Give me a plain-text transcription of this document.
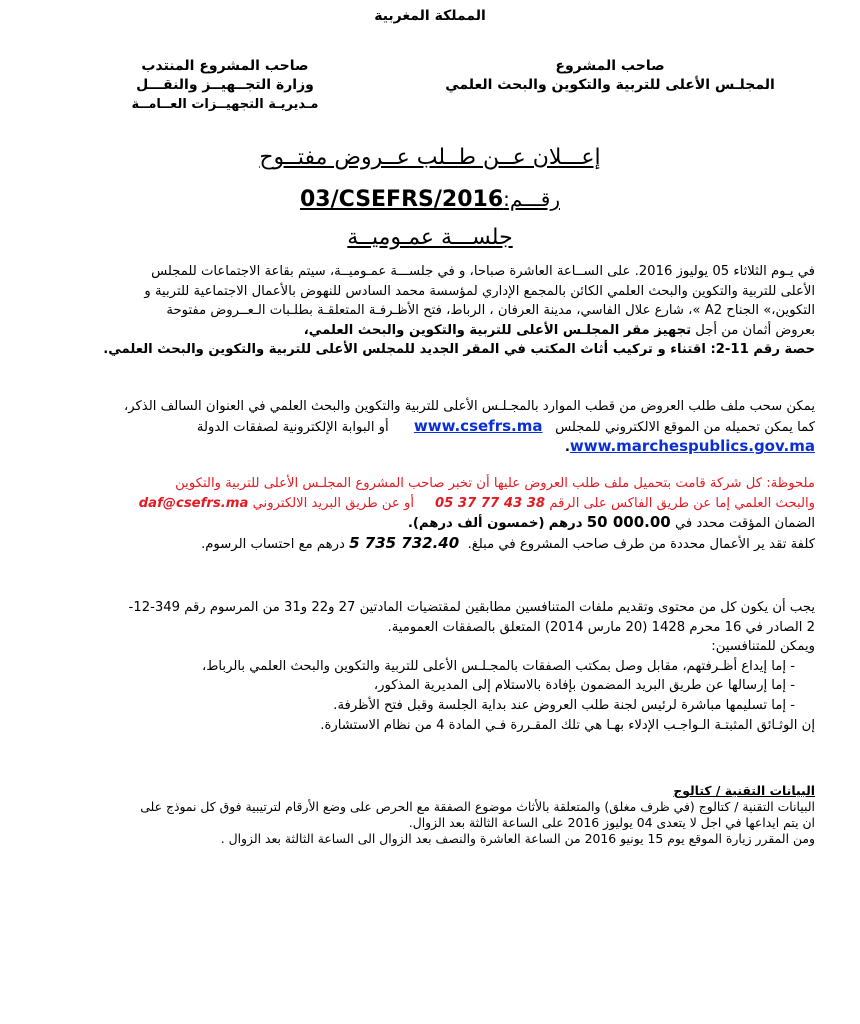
المملكة المغربية
صاحب المشروع
المجلـس الأعلى للتربية والتكوين والبحث العلمي
صاحب المشروع المنتدب
وزارة التجــهيــز والنقـــل
مـديريـة التجهيــزات العــامــة
إعـــلان عــن طــلب عــروض مفتــوح
رقـــم:03/CSEFRS/2016
جلســـة عمـوميــة
في يـوم الثلاثاء 05 يوليوز 2016. على الســاعة العاشرة صباحا، و في جلســـة عمـوميــة، سيتم بقاعة الاجتماعات للمجلس
الأعلى للتربية والتكوين والبحث العلمي الكائن بالمجمع الإداري لمؤسسة محمد السادس للنهوض بالأعمال الاجتماعية للتربية و
التكوين،» الجناح A2 »، شارع علال الفاسي، مدينة العرفان ، الرباط، فتح الأظـرفـة المتعلقـة بطلـبات الـعــروض مفتوحة
بعروض أثمان من أجل تجهيز مقر المجلـس الأعلى للتربية والتكوين والبحث العلمي،
حصة رقم 11-2: اقتناء و تركيب أثاث المكتب في المقر الجديد للمجلس الأعلى للتربية والتكوين والبحث العلمي.
يمكن سحب ملف طلب العروض من قطب الموارد بالمجـلـس الأعلى للتربية والتكوين والبحث العلمي في العنوان السالف الذكر،
كما يمكن تحميله من الموقع الالكتروني للمجلس   www.csefrs.ma      أو البوابة الإلكترونية لصفقات الدولة
www.marchespublics.gov.ma.
ملحوظة: كل شركة قامت بتحميل ملف طلب العروض عليها أن تخبر صاحب المشروع المجلـس الأعلى للتربية والتكوين
والبحث العلمي إما عن طريق الفاكس على الرقم 05 37 77 43 38     أو عن طريق البريد الالكتروني daf@csefrs.ma
الضمان المؤقت محدد في 50 000.00 درهم (خمسون ألف درهم).
كلفة تقد ير الأعمال محددة من طرف صاحب المشروع في مبلغ.  5 735 732.40 درهم مع احتساب الرسوم.
يجب أن يكون كل من محتوى وتقديم ملفات المتنافسين مطابقين لمقتضيات المادتين 27 و22 و31 من المرسوم رقم 349-12-
2 الصادر في 16 محرم 1428 (20 مارس 2014) المتعلق بالصفقات العمومية.
ويمكن للمتنافسين:
- إما إيداع أظـرفتهم، مقابل وصل بمكتب الصفقات بالمجـلـس الأعلى للتربية والتكوين والبحث العلمي بالرباط،
- إما إرسالها عن طريق البريد المضمون بإفادة بالاستلام إلى المديرية المذكور،
- إما تسليمها مباشرة لرئيس لجنة طلب العروض عند بداية الجلسة وقبل فتح الأظرفة.
إن الوثـائق المثبتـة الـواجـب الإدلاء بهـا هي تلك المقـررة فـي المادة 4 من نظام الاستشارة.
البيانات التقنية / كتالوج
البيانات التقنية / كتالوج (في ظرف مغلق) والمتعلقة بالأثاث موضوع الصفقة مع الحرص على وضع الأرقام لترتيبية فوق كل نموذج على
ان يتم ايداعها في اجل لا يتعدى 04 يوليوز 2016 على الساعة الثالثة بعد الزوال.
ومن المقرر زيارة الموقع يوم 15 يونيو 2016 من الساعة العاشرة والنصف بعد الزوال الى الساعة الثالثة بعد الزوال .
